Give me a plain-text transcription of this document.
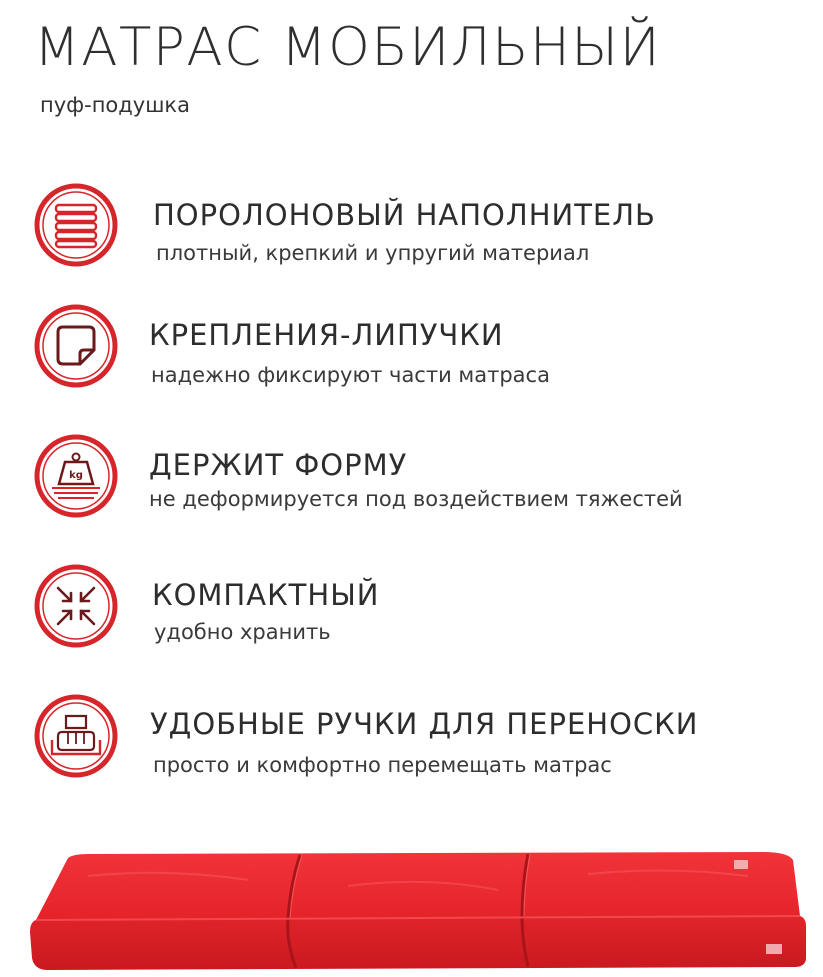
МАТРАС МОБИЛЬНЫЙ
пуф-подушка
ПОРОЛОНОВЫЙ НАПОЛНИТЕЛЬ
плотный, крепкий и упругий материал
КРЕПЛЕНИЯ-ЛИПУЧКИ
надежно фиксируют части матраса
kg ДЕРЖИТ ФОРМУ
не деформируется под воздействием тяжестей
КОМПАКТНЫЙ
удобно хранить
УДОБНЫЕ РУЧКИ ДЛЯ ПЕРЕНОСКИ
просто и комфортно перемещать матрас
